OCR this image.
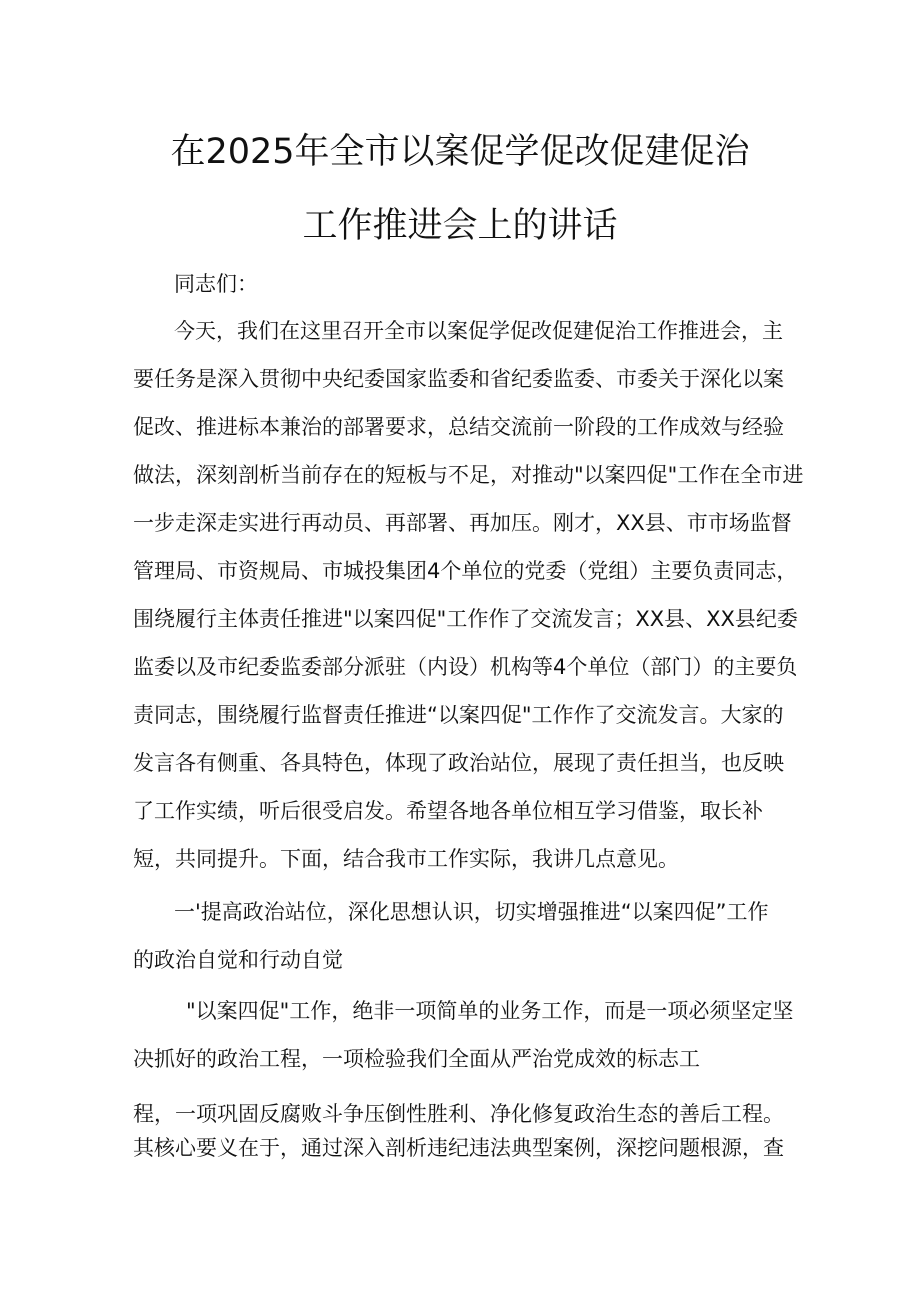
在2025年全市以案促学促改促建促治
工作推进会上的讲话
同志们：
今天，我们在这里召开全市以案促学促改促建促治工作推进会，主
要任务是深入贯彻中央纪委国家监委和省纪委监委、市委关于深化以案
促改、推进标本兼治的部署要求，总结交流前一阶段的工作成效与经验
做法，深刻剖析当前存在的短板与不足，对推动"以案四促"工作在全市进
一步走深走实进行再动员、再部署、再加压。刚才，XX县、市市场监督
管理局、市资规局、市城投集团4个单位的党委（党组）主要负责同志，
围绕履行主体责任推进"以案四促"工作作了交流发言；XX县、XX县纪委
监委以及市纪委监委部分派驻（内设）机构等4个单位（部门）的主要负
责同志，围绕履行监督责任推进“以案四促"工作作了交流发言。大家的
发言各有侧重、各具特色，体现了政治站位，展现了责任担当，也反映
了工作实绩，听后很受启发。希望各地各单位相互学习借鉴，取长补
短，共同提升。下面，结合我市工作实际，我讲几点意见。
一'提高政治站位，深化思想认识，切实增强推进“以案四促”工作
的政治自觉和行动自觉
"以案四促"工作，绝非一项简单的业务工作，而是一项必须坚定坚
决抓好的政治工程，一项检验我们全面从严治党成效的标志工
程，一项巩固反腐败斗争压倒性胜利、净化修复政治生态的善后工程。
其核心要义在于，通过深入剖析违纪违法典型案例，深挖问题根源，查
